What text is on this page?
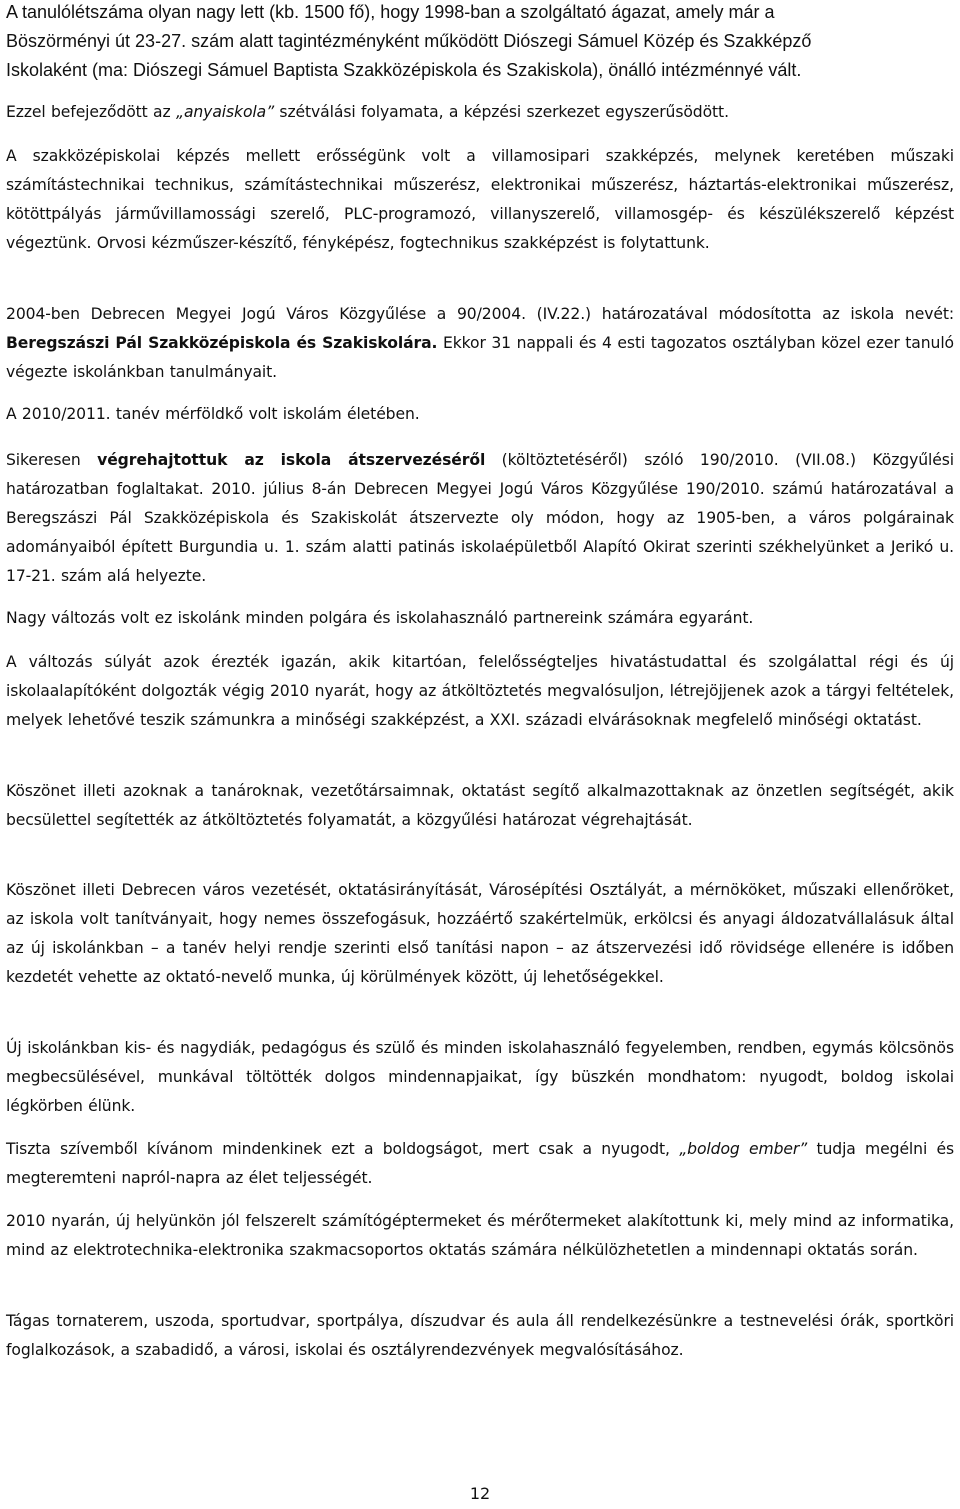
A tanulólétszáma olyan nagy lett (kb. 1500 fő), hogy 1998-ban a szolgáltató ágazat, amely már a
Böszörményi út 23-27. szám alatt tagintézményként működött Diószegi Sámuel Közép és Szakképző
Iskolaként (ma: Diószegi Sámuel Baptista Szakközépiskola és Szakiskola), önálló intézménnyé vált.

Ezzel befejeződött az „anyaiskola” szétválási folyamata, a képzési szerkezet egyszerűsödött.

A szakközépiskolai képzés mellett erősségünk volt a villamosipari szakképzés, melynek keretében műszaki számítástechnikai technikus, számítástechnikai műszerész, elektronikai műszerész, háztartás-elektronikai műszerész, kötöttpályás járművillamossági szerelő, PLC-programozó, villanyszerelő, villamosgép- és készülékszerelő képzést végeztünk. Orvosi kézműszer-készítő, fényképész, fogtechnikus szakképzést is folytattunk.

2004-ben Debrecen Megyei Jogú Város Közgyűlése a 90/2004. (IV.22.) határozatával módosította az iskola nevét: Beregszászi Pál Szakközépiskola és Szakiskolára. Ekkor 31 nappali és 4 esti tagozatos osztályban közel ezer tanuló végezte iskolánkban tanulmányait.

A 2010/2011. tanév mérföldkő volt iskolám életében.

Sikeresen végrehajtottuk az iskola átszervezéséről (költöztetéséről) szóló 190/2010. (VII.08.) Közgyűlési határozatban foglaltakat. 2010. július 8-án Debrecen Megyei Jogú Város Közgyűlése 190/2010. számú határozatával a Beregszászi Pál Szakközépiskola és Szakiskolát átszervezte oly módon, hogy az 1905-ben, a város polgárainak adományaiból épített Burgundia u. 1. szám alatti patinás iskolaépületből Alapító Okirat szerinti székhelyünket a Jerikó u. 17-21. szám alá helyezte.

Nagy változás volt ez iskolánk minden polgára és iskolahasználó partnereink számára egyaránt.

A változás súlyát azok érezték igazán, akik kitartóan, felelősségteljes hivatástudattal és szolgálattal régi és új iskolaalapítóként dolgozták végig 2010 nyarát, hogy az átköltöztetés megvalósuljon, létrejöjjenek azok a tárgyi feltételek, melyek lehetővé teszik számunkra a minőségi szakképzést, a XXI. századi elvárásoknak megfelelő minőségi oktatást.

Köszönet illeti azoknak a tanároknak, vezetőtársaimnak, oktatást segítő alkalmazottaknak az önzetlen segítségét, akik becsülettel segítették az átköltöztetés folyamatát, a közgyűlési határozat végrehajtását.

Köszönet illeti Debrecen város vezetését, oktatásirányítását, Városépítési Osztályát, a mérnököket, műszaki ellenőröket, az iskola volt tanítványait, hogy nemes összefogásuk, hozzáértő szakértelmük, erkölcsi és anyagi áldozatvállalásuk által az új iskolánkban – a tanév helyi rendje szerinti első tanítási napon – az átszervezési idő rövidsége ellenére is időben kezdetét vehette az oktató-nevelő munka, új körülmények között, új lehetőségekkel.

Új iskolánkban kis- és nagydiák, pedagógus és szülő és minden iskolahasználó fegyelemben, rendben, egymás kölcsönös megbecsülésével, munkával töltötték dolgos mindennapjaikat, így büszkén mondhatom: nyugodt, boldog iskolai légkörben élünk.

Tiszta szívemből kívánom mindenkinek ezt a boldogságot, mert csak a nyugodt, „boldog ember” tudja megélni és megteremteni napról-napra az élet teljességét.

2010 nyarán, új helyünkön jól felszerelt számítógéptermeket és mérőtermeket alakítottunk ki, mely mind az informatika, mind az elektrotechnika-elektronika szakmacsoportos oktatás számára nélkülözhetetlen a mindennapi oktatás során.

Tágas tornaterem, uszoda, sportudvar, sportpálya, díszudvar és aula áll rendelkezésünkre a testnevelési órák, sportköri foglalkozások, a szabadidő, a városi, iskolai és osztályrendezvények megvalósításához.

12
